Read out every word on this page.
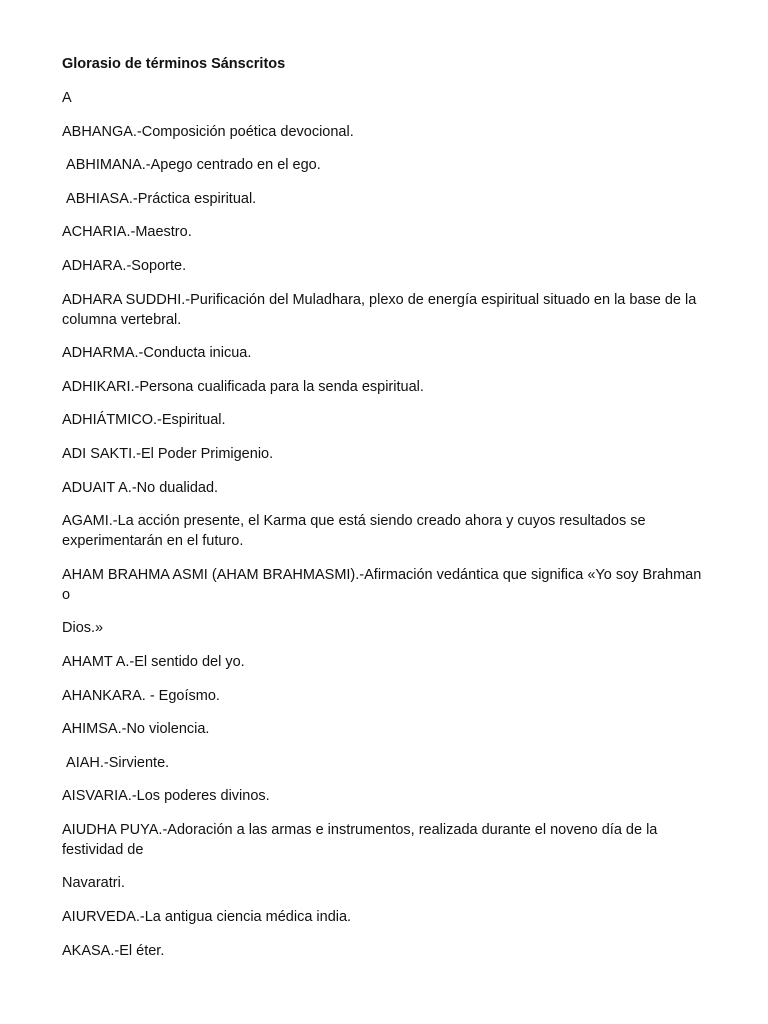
Glorasio de términos Sánscritos

A

ABHANGA.-Composición poética devocional.

ABHIMANA.-Apego centrado en el ego.

ABHIASA.-Práctica espiritual.

ACHARIA.-Maestro.

ADHARA.-Soporte.

ADHARA SUDDHI.-Purificación del Muladhara, plexo de energía espiritual situado en la base de la columna vertebral.

ADHARMA.-Conducta inicua.

ADHIKARI.-Persona cualificada para la senda espiritual.

ADHIÁTMICO.-Espiritual.

ADI SAKTI.-El Poder Primigenio.

ADUAIT A.-No dualidad.

AGAMI.-La acción presente, el Karma que está siendo creado ahora y cuyos resultados se experimentarán en el futuro.

AHAM BRAHMA ASMI (AHAM BRAHMASMI).-Afirmación vedántica que significa «Yo soy Brahman o

Dios.»

AHAMT A.-El sentido del yo.

AHANKARA. - Egoísmo.

AHIMSA.-No violencia.

AIAH.-Sirviente.

AISVARIA.-Los poderes divinos.

AIUDHA PUYA.-Adoración a las armas e instrumentos, realizada durante el noveno día de la festividad de

Navaratri.

AIURVEDA.-La antigua ciencia médica india.

AKASA.-El éter.
